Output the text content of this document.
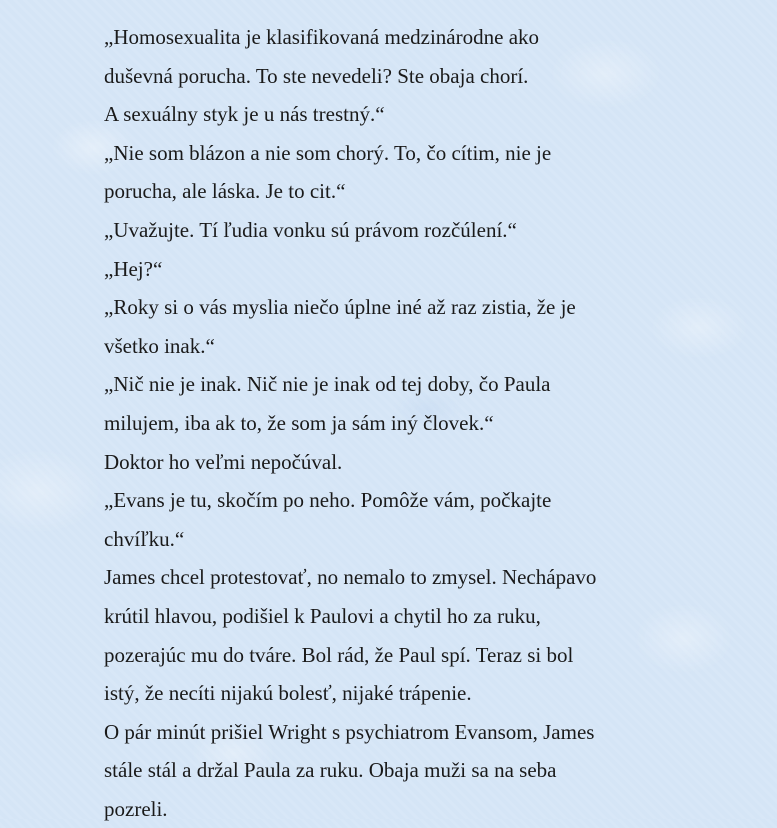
„Homosexualita je klasifikovaná medzinárodne ako

duševná porucha. To ste nevedeli? Ste obaja chorí.

A sexuálny styk je u nás trestný.“

„Nie som blázon a nie som chorý. To, čo cítim, nie je

porucha, ale láska. Je to cit.“

„Uvažujte. Tí ľudia vonku sú právom rozčúlení.“

„Hej?“

„Roky si o vás myslia niečo úplne iné až raz zistia, že je

všetko inak.“

„Nič nie je inak. Nič nie je inak od tej doby, čo Paula

milujem, iba ak to, že som ja sám iný človek.“

Doktor ho veľmi nepočúval.

„Evans je tu, skočím po neho. Pomôže vám, počkajte

chvíľku.“

James chcel protestovať, no nemalo to zmysel. Nechápavo

krútil hlavou, podišiel k Paulovi a chytil ho za ruku,

pozerajúc mu do tváre. Bol rád, že Paul spí. Teraz si bol

istý, že necíti nijakú bolesť, nijaké trápenie.

O pár minút prišiel Wright s psychiatrom Evansom, James

stále stál a držal Paula za ruku. Obaja muži sa na seba

pozreli.
